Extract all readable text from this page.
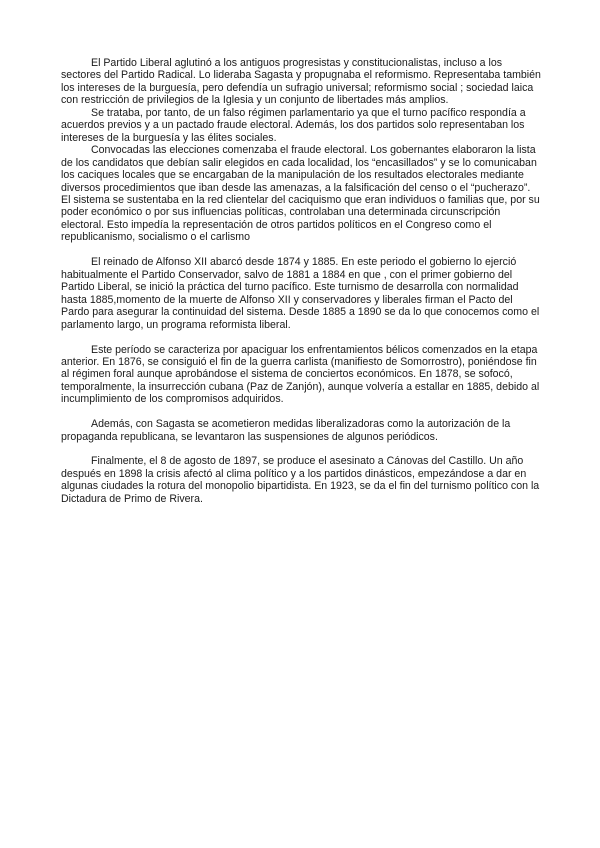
El Partido Liberal aglutinó a los antiguos progresistas y constitucionalistas, incluso a los sectores del Partido Radical. Lo lideraba Sagasta y propugnaba el reformismo. Representaba también los intereses de la burguesía, pero defendía un sufragio universal; reformismo social ; sociedad laica con restricción de privilegios de la Iglesia y un conjunto de libertades más amplios.

Se trataba, por tanto, de un falso régimen parlamentario ya que el turno pacífico respondía a acuerdos previos y a un pactado fraude electoral. Además, los dos partidos solo representaban los intereses de la burguesía y las élites sociales.

Convocadas las elecciones comenzaba el fraude electoral. Los gobernantes elaboraron la lista de los candidatos que debían salir elegidos en cada localidad, los “encasillados” y se lo comunicaban los caciques locales que se encargaban de la manipulación de los resultados electorales mediante diversos procedimientos que iban desde las amenazas, a la falsificación del censo o el “pucherazo”. El sistema se sustentaba en la red clientelar del caciquismo que eran individuos o familias que, por su poder económico o por sus influencias políticas, controlaban una determinada circunscripción electoral. Esto impedía la representación de otros partidos políticos en el Congreso como el republicanismo, socialismo o el carlismo

El reinado de Alfonso XII abarcó desde 1874 y 1885. En este periodo el gobierno lo ejerció habitualmente el Partido Conservador, salvo de 1881 a 1884 en que , con el primer gobierno del Partido Liberal, se inició la práctica del turno pacífico. Este turnismo de desarrolla con normalidad hasta 1885,momento de la muerte de Alfonso XII y conservadores y liberales firman el Pacto del Pardo para asegurar la continuidad del sistema. Desde 1885 a 1890 se da lo que conocemos como el parlamento largo, un programa reformista liberal.

Este período se caracteriza por apaciguar los enfrentamientos bélicos comenzados en la etapa anterior. En 1876, se consiguió el fin de la guerra carlista (manifiesto de Somorrostro), poniéndose fin al régimen foral aunque aprobándose el sistema de conciertos económicos. En 1878, se sofocó, temporalmente, la insurrección cubana (Paz de Zanjón), aunque volvería a estallar en 1885, debido al incumplimiento de los compromisos adquiridos.

Además, con Sagasta se acometieron medidas liberalizadoras como la autorización de la propaganda republicana, se levantaron las suspensiones de algunos periódicos.

Finalmente, el 8 de agosto de 1897, se produce el asesinato a Cánovas del Castillo. Un año después en 1898 la crisis afectó al clima político y a los partidos dinásticos, empezándose a dar en algunas ciudades la rotura del monopolio bipartidista. En 1923, se da el fin del turnismo político con la Dictadura de Primo de Rivera.
